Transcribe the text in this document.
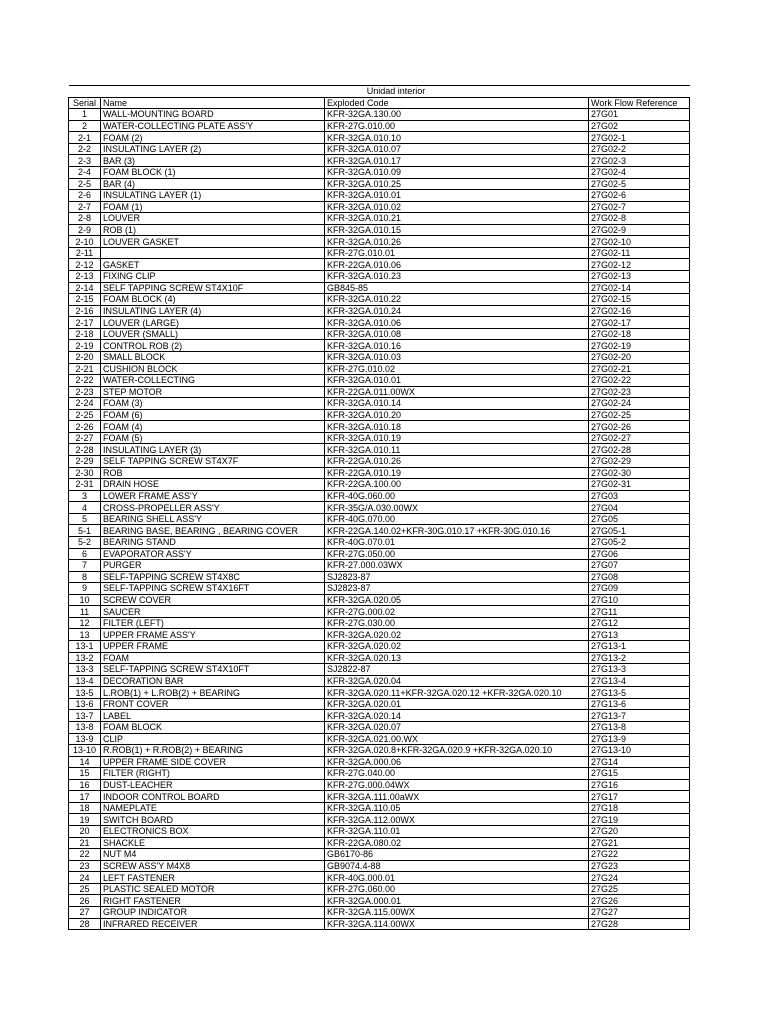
	Unidad interior		
Serial	Name	Exploded Code	Work Flow Reference
1	WALL-MOUNTING BOARD	KFR-32GA.130.00	27G01
2	WATER-COLLECTING PLATE ASS'Y	KFR-27G.010.00	27G02
2-1	FOAM (2)	KFR-32GA.010.10	27G02-1
2-2	INSULATING LAYER (2)	KFR-32GA.010.07	27G02-2
2-3	BAR (3)	KFR-32GA.010.17	27G02-3
2-4	FOAM BLOCK (1)	KFR-32GA.010.09	27G02-4
2-5	BAR (4)	KFR-32GA.010.25	27G02-5
2-6	INSULATING LAYER (1)	KFR-32GA.010.01	27G02-6
2-7	FOAM (1)	KFR-32GA.010.02	27G02-7
2-8	LOUVER	KFR-32GA.010.21	27G02-8
2-9	ROB (1)	KFR-32GA.010.15	27G02-9
2-10	LOUVER GASKET	KFR-32GA.010.26	27G02-10
2-11		KFR-27G.010.01	27G02-11
2-12	GASKET	KFR-22GA.010.06	27G02-12
2-13	FIXING CLIP	KFR-32GA.010.23	27G02-13
2-14	SELF TAPPING SCREW ST4X10F	GB845-85	27G02-14
2-15	FOAM BLOCK (4)	KFR-32GA.010.22	27G02-15
2-16	INSULATING LAYER (4)	KFR-32GA.010.24	27G02-16
2-17	LOUVER (LARGE)	KFR-32GA.010.06	27G02-17
2-18	LOUVER (SMALL)	KFR-32GA.010.08	27G02-18
2-19	CONTROL ROB (2)	KFR-32GA.010.16	27G02-19
2-20	SMALL BLOCK	KFR-32GA.010.03	27G02-20
2-21	CUSHION BLOCK	KFR-27G.010.02	27G02-21
2-22	WATER-COLLECTING	KFR-32GA.010.01	27G02-22
2-23	STEP MOTOR	KFR-22GA.011.00WX	27G02-23
2-24	FOAM (3)	KFR-32GA.010.14	27G02-24
2-25	FOAM (6)	KFR-32GA.010.20	27G02-25
2-26	FOAM (4)	KFR-32GA.010.18	27G02-26
2-27	FOAM (5)	KFR-32GA.010.19	27G02-27
2-28	INSULATING LAYER (3)	KFR-32GA.010.11	27G02-28
2-29	SELF TAPPING SCREW ST4X7F	KFR-22GA.010.26	27G02-29
2-30	ROB	KFR-22GA.010.19	27G02-30
2-31	DRAIN HOSE	KFR-22GA.100.00	27G02-31
3	LOWER FRAME ASS'Y	KFR-40G.060.00	27G03
4	CROSS-PROPELLER ASS'Y	KFR-35G/A.030.00WX	27G04
5	BEARING SHELL ASS'Y	KFR-40G.070.00	27G05
5-1	BEARING BASE, BEARING , BEARING COVER	KFR-22GA.140.02+KFR-30G.010.17 +KFR-30G.010.16	27G05-1
5-2	BEARING STAND	KFR-40G.070.01	27G05-2
6	EVAPORATOR ASS'Y	KFR-27G.050.00	27G06
7	PURGER	KFR-27.000.03WX	27G07
8	SELF-TAPPING SCREW ST4X8C	SJ2823-87	27G08
9	SELF-TAPPING SCREW ST4X16FT	SJ2823-87	27G09
10	SCREW COVER	KFR-32GA.020.05	27G10
11	SAUCER	KFR-27G.000.02	27G11
12	FILTER (LEFT)	KFR-27G.030.00	27G12
13	UPPER FRAME ASS'Y	KFR-32GA.020.02	27G13
13-1	UPPER FRAME	KFR-32GA.020.02	27G13-1
13-2	FOAM	KFR-32GA.020.13	27G13-2
13-3	SELF-TAPPING SCREW ST4X10FT	SJ2822-87	27G13-3
13-4	DECORATION BAR	KFR-32GA.020.04	27G13-4
13-5	L.ROB(1) + L.ROB(2) + BEARING	KFR-32GA.020.11+KFR-32GA.020.12 +KFR-32GA.020.10	27G13-5
13-6	FRONT COVER	KFR-32GA.020.01	27G13-6
13-7	LABEL	KFR-32GA.020.14	27G13-7
13-8	FOAM BLOCK	KFR-32GA.020.07	27G13-8
13-9	CLIP	KFR-32GA.021.00.WX	27G13-9
13-10	R.ROB(1) + R.ROB(2) + BEARING	KFR-32GA.020.8+KFR-32GA.020.9 +KFR-32GA.020.10	27G13-10
14	UPPER FRAME SIDE COVER	KFR-32GA.000.06	27G14
15	FILTER (RIGHT)	KFR-27G.040.00	27G15
16	DUST-LEACHER	KFR-27G.000.04WX	27G16
17	INDOOR CONTROL BOARD	KFR-32GA.111.00aWX	27G17
18	NAMEPLATE	KFR-32GA.110.05	27G18
19	SWITCH BOARD	KFR-32GA.112.00WX	27G19
20	ELECTRONICS BOX	KFR-32GA.110.01	27G20
21	SHACKLE	KFR-22GA.080.02	27G21
22	NUT M4	GB6170-86	27G22
23	SCREW ASS'Y M4X8	GB9074.4-88	27G23
24	LEFT FASTENER	KFR-40G.000.01	27G24
25	PLASTIC SEALED MOTOR	KFR-27G.060.00	27G25
26	RIGHT FASTENER	KFR-32GA.000.01	27G26
27	GROUP INDICATOR	KFR-32GA.115.00WX	27G27
28	INFRARED RECEIVER	KFR-32GA.114.00WX	27G28
